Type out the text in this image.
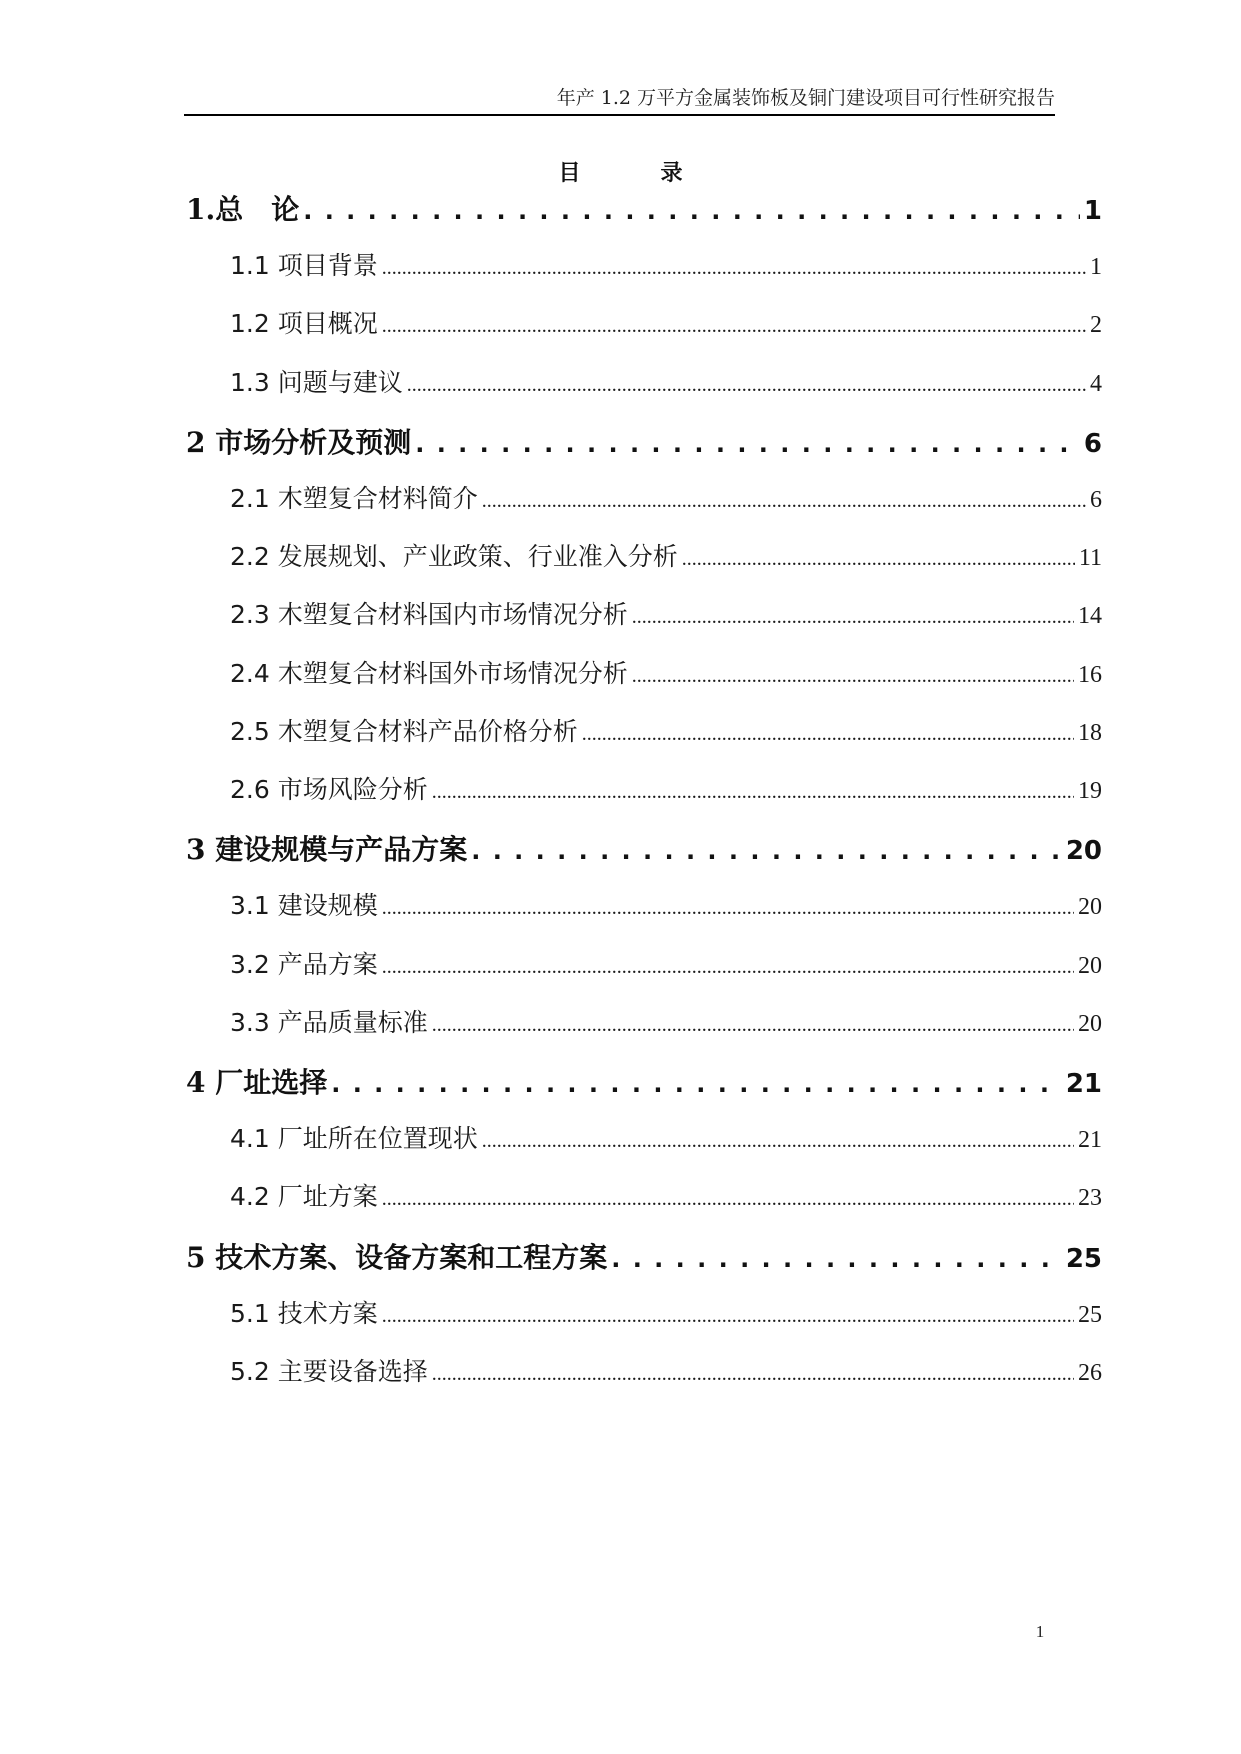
年产 1.2 万平方金属装饰板及铜门建设项目可行性研究报告
目录
1.总　论 . . .	1
1.1 项目背景 .....	1
1.2 项目概况 .....	2
1.3 问题与建议 .....	4
2 市场分析及预测 . . .	6
2.1 木塑复合材料简介 .....	6
2.2 发展规划、产业政策、行业准入分析 .....	11
2.3 木塑复合材料国内市场情况分析 .....	14
2.4 木塑复合材料国外市场情况分析 .....	16
2.5 木塑复合材料产品价格分析 .....	18
2.6 市场风险分析 .....	19
3 建设规模与产品方案 . . .	20
3.1 建设规模 .....	20
3.2 产品方案 .....	20
3.3 产品质量标准 .....	20
4 厂址选择 . . .	21
4.1 厂址所在位置现状 .....	21
4.2 厂址方案 .....	23
5 技术方案、设备方案和工程方案 . . .	25
5.1 技术方案 .....	25
5.2 主要设备选择 .....	26
1
